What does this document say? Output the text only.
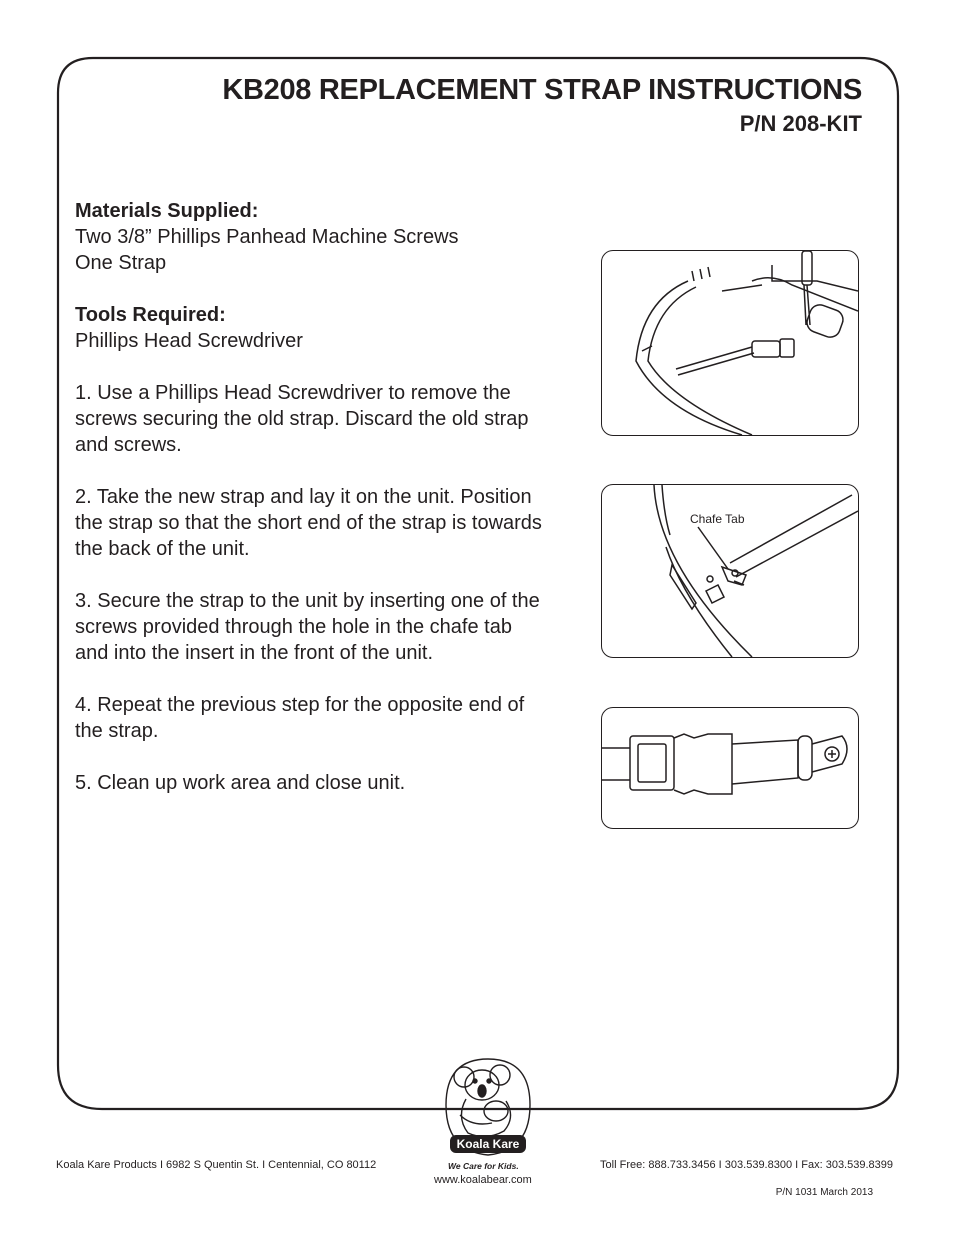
KB208 REPLACEMENT STRAP INSTRUCTIONS
P/N 208-KIT

Materials Supplied:
Two 3/8” Phillips Panhead Machine Screws
One Strap

Tools Required:
Phillips Head Screwdriver

1. Use a Phillips Head Screwdriver to remove the screws securing the old strap. Discard the old strap and screws.

2. Take the new strap and lay it on the unit. Position the strap so that the short end of the strap is towards the back of the unit.

3. Secure the strap to the unit by inserting one of the screws provided through the hole in the chafe tab and into the insert in the front of the unit.

4. Repeat the previous step for the opposite end of the strap.

5. Clean up work area and close unit.

Chafe Tab
Koala Kare
We Care for Kids.
Koala Kare Products I 6982 S Quentin St. I Centennial, CO 80112	Toll Free: 888.733.3456 I 303.539.8300 I Fax: 303.539.8399
www.koalabear.com
P/N 1031 March 2013
